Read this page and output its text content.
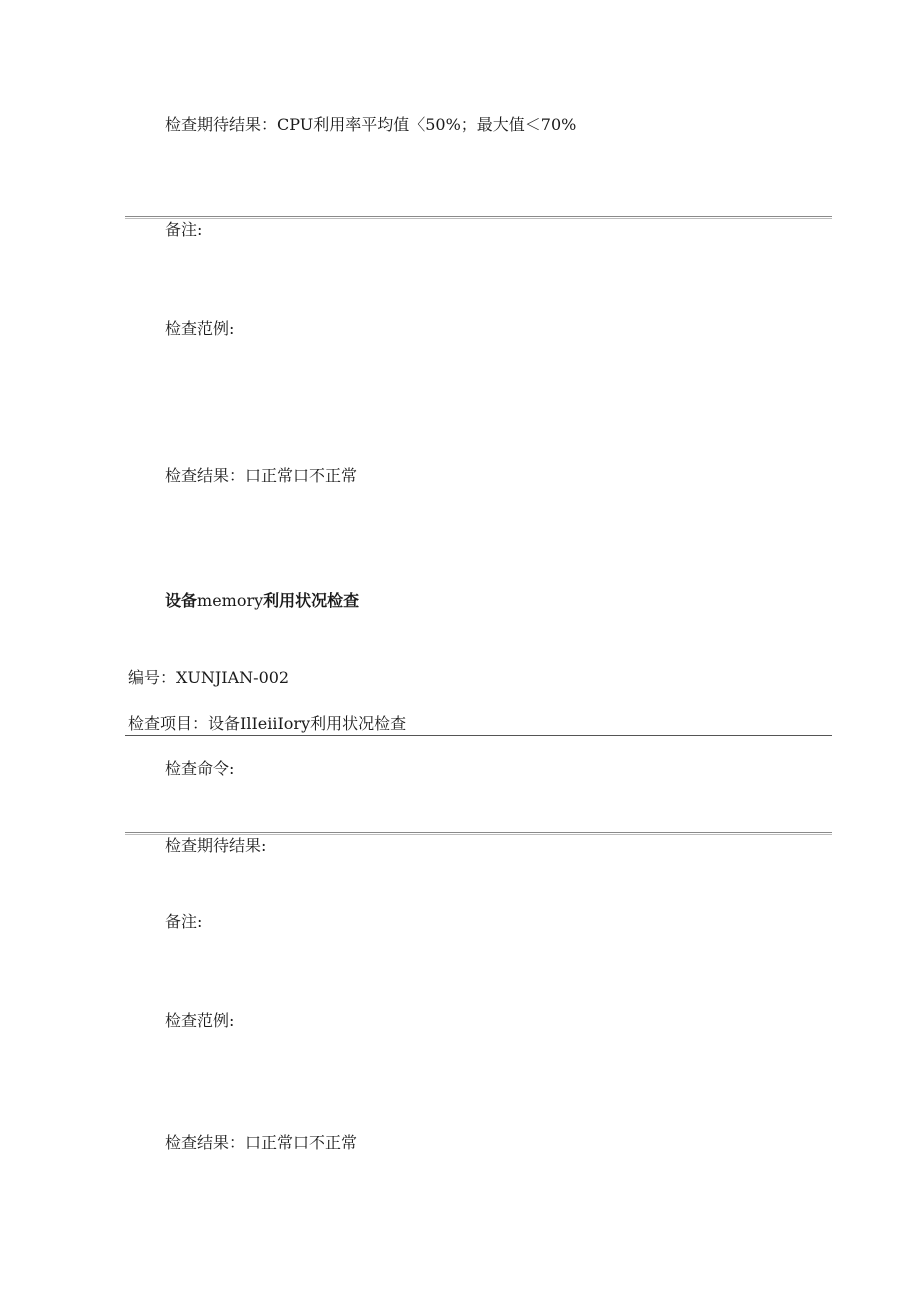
检查期待结果：CPU利用率平均值〈50%；最大值＜70%
备注:
检查范例:
检查结果：口正常口不正常
设备memory利用状况检查
编号：XUNJIAN-002
检查项目：设备IlIeiiIory利用状况检查
检查命令:
检查期待结果:
备注:
检查范例:
检查结果：口正常口不正常
